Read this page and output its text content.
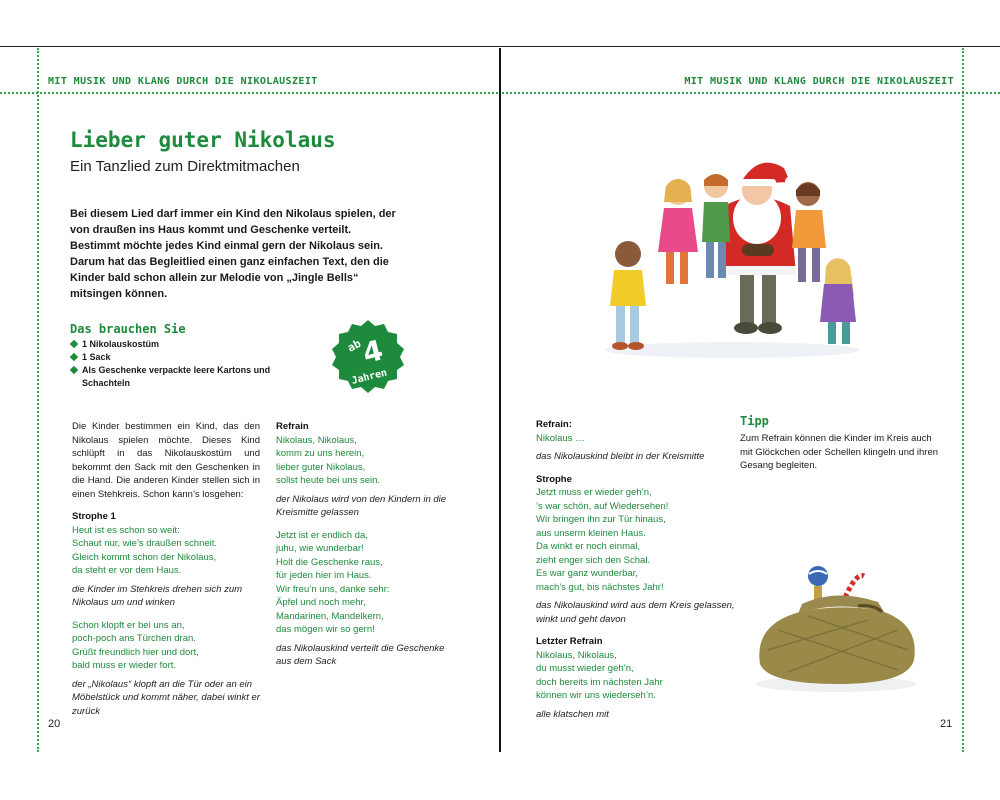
MIT MUSIK UND KLANG DURCH DIE NIKOLAUSZEIT	MIT MUSIK UND KLANG DURCH DIE NIKOLAUSZEIT
Lieber guter Nikolaus
Ein Tanzlied zum Direktmitmachen
Bei diesem Lied darf immer ein Kind den Nikolaus spielen, der von draußen ins Haus kommt und Geschenke verteilt. Bestimmt möchte jedes Kind einmal gern der Nikolaus sein. Darum hat das Begleitlied einen ganz einfachen Text, den die Kinder bald schon allein zur Melodie von „Jingle Bells“ mitsingen können.
Das brauchen Sie
1 Nikolauskostüm
1 Sack
Als Geschenke verpackte leere Kartons und Schachteln
ab
4
Jahren

Die Kinder bestimmen ein Kind, das den Nikolaus spielen möchte. Dieses Kind schlüpft in das Nikolauskostüm und bekommt den Sack mit den Geschenken in die Hand. Die anderen Kinder stellen sich in einen Stehkreis. Schon kann’s losgehen:

Strophe 1

Heut ist es schon so weit:

Schaut nur, wie’s draußen schneit.

Gleich kommt schon der Nikolaus,

da steht er vor dem Haus.

die Kinder im Stehkreis drehen sich zum Nikolaus um und winken

Schon klopft er bei uns an,

poch-poch ans Türchen dran.

Grüßt freundlich hier und dort,

bald muss er wieder fort.

der „Nikolaus“ klopft an die Tür oder an ein Möbelstück und kommt näher, dabei winkt er zurück

Refrain

Nikolaus, Nikolaus,

komm zu uns herein,

lieber guter Nikolaus,

sollst heute bei uns sein.

der Nikolaus wird von den Kindern in die Kreismitte gelassen

Jetzt ist er endlich da,

juhu, wie wunderbar!

Holt die Geschenke raus,

für jeden hier im Haus.

Wir freu’n uns, danke sehr:

Äpfel und noch mehr,

Mandarinen, Mandelkern,

das mögen wir so gern!

das Nikolauskind verteilt die Geschenke aus dem Sack

20

Refrain:

Nikolaus …

das Nikolauskind bleibt in der Kreismitte

Strophe

Jetzt muss er wieder geh’n,

’s war schön, auf Wiedersehen!

Wir bringen ihn zur Tür hinaus,

aus unserm kleinen Haus.

Da winkt er noch einmal,

zieht enger sich den Schal.

Es war ganz wunderbar,

mach’s gut, bis nächstes Jahr!

das Nikolauskind wird aus dem Kreis gelassen, winkt und geht davon

Letzter Refrain

Nikolaus, Nikolaus,

du musst wieder geh’n,

doch bereits im nächsten Jahr

können wir uns wiederseh’n.

alle klatschen mit

Tipp
Zum Refrain können die Kinder im Kreis auch mit Glöckchen oder Schellen klingeln und ihren Gesang begleiten.
21
